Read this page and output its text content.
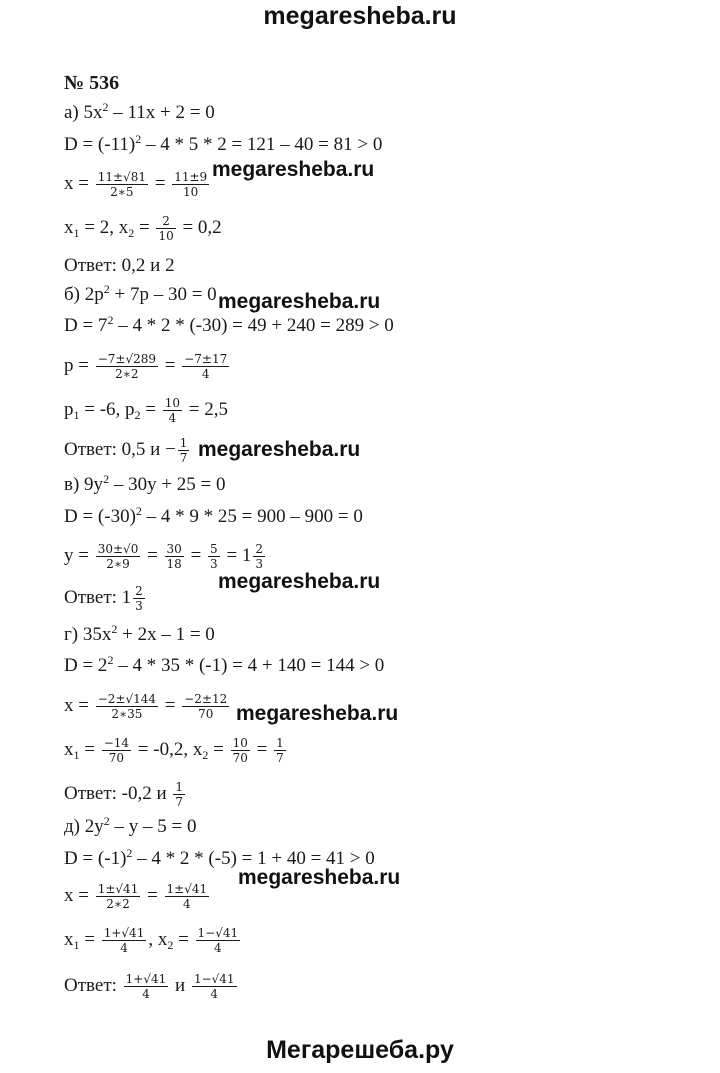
megaresheba.ru
№ 536
а) $5x^2 - 11x + 2 = 0$
$D = (-11)^2 - 4 * 5 * 2 = 121 - 40 = 81 > 0$
$x = \frac{11\pm√81}{2∗5} = \frac{11\pm 9}{10}$
$x_1 = 2$, $x_2 = \frac{2}{10} = 0,2$
Ответ: 0,2 и 2
б) $2p^2 + 7p - 30 = 0$
$D = 7^2 - 4 * 2 * (-30) = 49 + 240 = 289 > 0$
$p = \frac{-7\pm√289}{2∗2} = \frac{-7\pm 17}{4}$
$p_1 = -6$, $p_2 = \frac{10}{4} = 2,5$
Ответ: 0,5 $и - \frac{1}{7}$
в) $9y^2 - 30y + 25 = 0$
$D = (-30)^2 - 4 * 9 * 25 = 900 - 900 = 0$
$y = \frac{30\pm√0}{2∗9} = \frac{30}{18} = \frac{5}{3} = 1 \frac{2}{3}$
Ответ: $1 \frac{2}{3}$
г) $35x^2 + 2x - 1 = 0$
$D = 2^2 - 4 * 35 * (-1) = 4 + 140 = 144 > 0$
$x = \frac{-2\pm√144}{2∗35} = \frac{-2\pm 12}{70}$
$x_1 = \frac{-14}{70} = -0,2$, $x_2 = \frac{10}{70} = \frac{1}{7}$
Ответ: -0,2 и $\frac{1}{7}$
д) $2y^2 - y - 5 = 0$
$D = (-1)^2 - 4 * 2 * (-5) = 1 + 40 = 41 > 0$
$x = \frac{1\pm√41}{2∗2} = \frac{1\pm√41}{4}$
$x_1 = \frac{1+√41}{4}$ , $x_2 = \frac{1-√41}{4}$
Ответ: $\frac{1+√41}{4}$ и $\frac{1-√41}{4}$
megaresheba.ru
megaresheba.ru
megaresheba.ru
megaresheba.ru
megaresheba.ru
megaresheba.ru
Мегарешеба.ру
